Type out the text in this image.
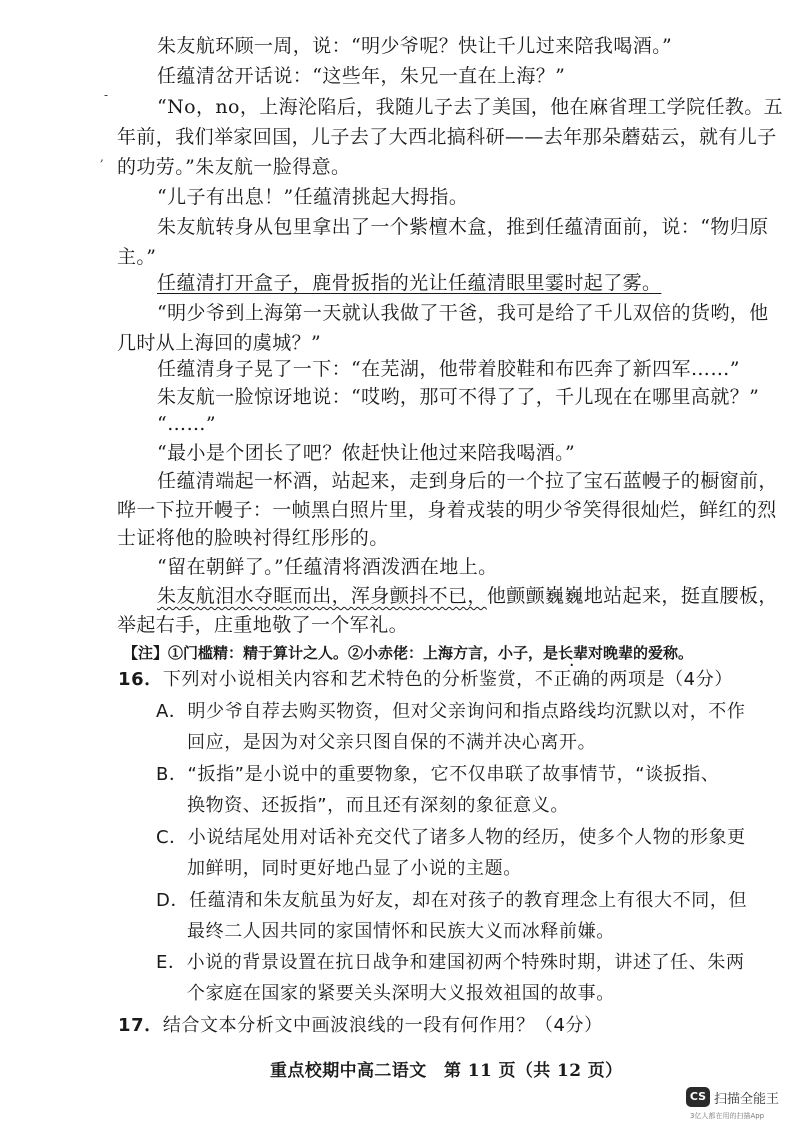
朱友航环顾一周，说：“明少爷呢？快让千儿过来陪我喝酒。”
任蕴清岔开话说：“这些年，朱兄一直在上海？”
-
“No，no，上海沦陷后，我随儿子去了美国，他在麻省理工学院任教。五
年前，我们举家回国，儿子去了大西北搞科研——去年那朵蘑菇云，就有儿子
, 的功劳。”朱友航一脸得意。
“儿子有出息！”任蕴清挑起大拇指。
朱友航转身从包里拿出了一个紫檀木盒，推到任蕴清面前，说：“物归原
主。”
任蕴清打开盒子，鹿骨扳指的光让任蕴清眼里霎时起了雾。
“明少爷到上海第一天就认我做了干爸，我可是给了千儿双倍的货哟，他
几时从上海回的虞城？”
任蕴清身子晃了一下：“在芜湖，他带着胶鞋和布匹奔了新四军……”
朱友航一脸惊讶地说：“哎哟，那可不得了了，千儿现在在哪里高就？”
“……”
“最小是个团长了吧？侬赶快让他过来陪我喝酒。”
任蕴清端起一杯酒，站起来，走到身后的一个拉了宝石蓝幔子的橱窗前，
哗一下拉开幔子：一帧黑白照片里，身着戎装的明少爷笑得很灿烂，鲜红的烈
士证将他的脸映衬得红彤彤的。
“留在朝鲜了。”任蕴清将酒泼洒在地上。
朱友航泪水夺眶而出，浑身颤抖不已，他颤颤巍巍地站起来，挺直腰板，
举起右手，庄重地敬了一个军礼。
【注】①门槛精：精于算计之人。②小赤佬：上海方言，小子，是长辈对晚辈的爱称。
16．下列对小说相关内容和艺术特色的分析鉴赏，不正确的两项是（4分）
A．明少爷自荐去购买物资，但对父亲询问和指点路线均沉默以对，不作
回应，是因为对父亲只图自保的不满并决心离开。
B．“扳指”是小说中的重要物象，它不仅串联了故事情节，“谈扳指、
换物资、还扳指”，而且还有深刻的象征意义。
C．小说结尾处用对话补充交代了诸多人物的经历，使多个人物的形象更
加鲜明，同时更好地凸显了小说的主题。
D．任蕴清和朱友航虽为好友，却在对孩子的教育理念上有很大不同，但
最终二人因共同的家国情怀和民族大义而冰释前嫌。
E．小说的背景设置在抗日战争和建国初两个特殊时期，讲述了任、朱两
个家庭在国家的紧要关头深明大义报效祖国的故事。
17．结合文本分析文中画波浪线的一段有何作用？（4分）
重点校期中高二语文　第 11 页（共 12 页）
CS 扫描全能王
3亿人都在用的扫描App
